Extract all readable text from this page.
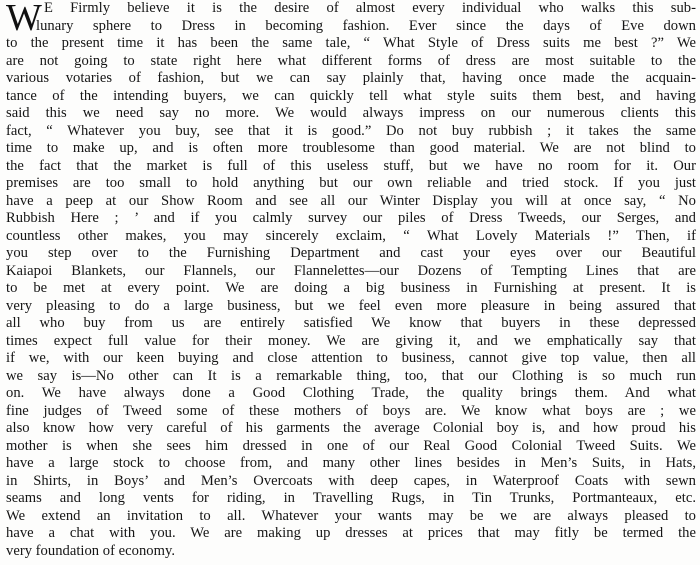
W E Firmly believe it is the desire of almost every individual who walks this sub-
lunary sphere to Dress in becoming fashion. Ever since the days of Eve down
to the present time it has been the same tale, “ What Style of Dress suits me best ?” We
are not going to state right here what different forms of dress are most suitable to the
various votaries of fashion, but we can say plainly that, having once made the acquain-
tance of the intending buyers, we can quickly tell what style suits them best, and having
said this we need say no more. We would always impress on our numerous clients this
fact, “ Whatever you buy, see that it is good.” Do not buy rubbish ; it takes the same
time to make up, and is often more troublesome than good material. We are not blind to
the fact that the market is full of this useless stuff, but we have no room for it. Our
premises are too small to hold anything but our own reliable and tried stock. If you just
have a peep at our Show Room and see all our Winter Display you will at once say, “ No
Rubbish Here ; ’ and if you calmly survey our piles of Dress Tweeds, our Serges, and
countless other makes, you may sincerely exclaim, “ What Lovely Materials !” Then, if
you step over to the Furnishing Department and cast your eyes over our Beautiful
Kaiapoi Blankets, our Flannels, our Flannelettes—our Dozens of Tempting Lines that are
to be met at every point. We are doing a big business in Furnishing at present. It is
very pleasing to do a large business, but we feel even more pleasure in being assured that
all who buy from us are entirely satisfied We know that buyers in these depressed
times expect full value for their money. We are giving it, and we emphatically say that
if we, with our keen buying and close attention to business, cannot give top value, then all
we say is—No other can It is a remarkable thing, too, that our Clothing is so much run
on. We have always done a Good Clothing Trade, the quality brings them. And what
fine judges of Tweed some of these mothers of boys are. We know what boys are ; we
also know how very careful of his garments the average Colonial boy is, and how proud his
mother is when she sees him dressed in one of our Real Good Colonial Tweed Suits. We
have a large stock to choose from, and many other lines besides in Men’s Suits, in Hats,
in Shirts, in Boys’ and Men’s Overcoats with deep capes, in Waterproof Coats with sewn
seams and long vents for riding, in Travelling Rugs, in Tin Trunks, Portmanteaux, etc.
We extend an invitation to all. Whatever your wants may be we are always pleased to
have a chat with you. We are making up dresses at prices that may fitly be termed the
very foundation of economy.
